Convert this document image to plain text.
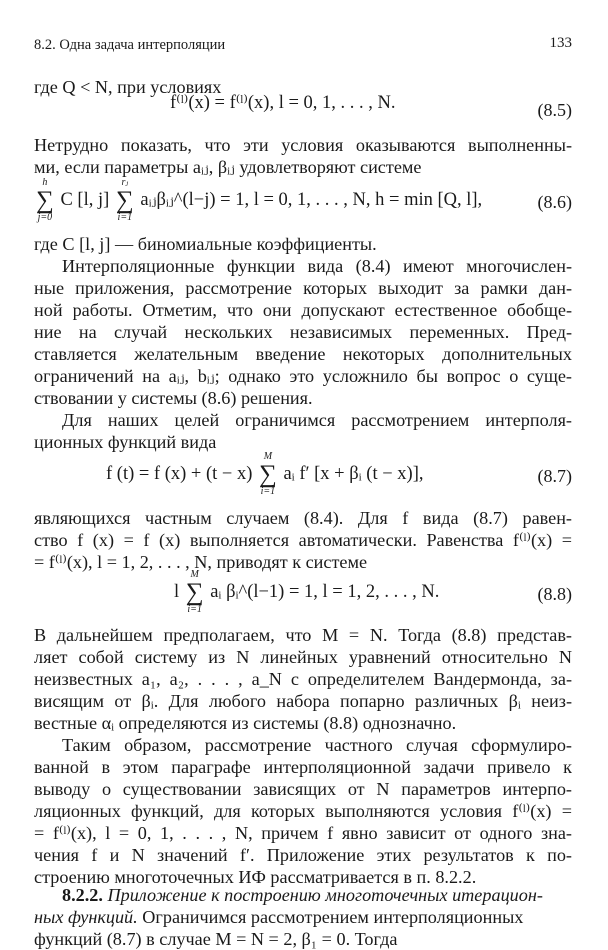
8.2. Одна задача интерполяции	133
где Q < N, при условиях
f⁽ˡ⁾(x) = f⁽ˡ⁾(x), l = 0, 1, . . . , N.	(8.5)
Нетрудно показать, что эти условия оказываются выполненны-
ми, если параметры aᵢⱼ, βᵢⱼ удовлетворяют системе
h
∑
j=0
C [l, j]
rⱼ
∑
i=1
aᵢⱼβᵢⱼ^(l−j) = 1, l = 0, 1, . . . , N, h = min [Q, l],	(8.6)
где C [l, j] — биномиальные коэффициенты.
Интерполяционные функции вида (8.4) имеют многочислен-
ные приложения, рассмотрение которых выходит за рамки дан-
ной работы. Отметим, что они допускают естественное обобще-
ние на случай нескольких независимых переменных. Пред-
ставляется желательным введение некоторых дополнительных
ограничений на aᵢⱼ, bᵢⱼ; однако это усложнило бы вопрос о суще-
ствовании у системы (8.6) решения.
Для наших целей ограничимся рассмотрением интерполя-
ционных функций вида
f (t) = f (x) + (t − x)
M
∑
i=1
aᵢ f′ [x + βᵢ (t − x)],	(8.7)
являющихся частным случаем (8.4). Для f вида (8.7) равен-
ство f (x) = f (x) выполняется автоматически. Равенства f⁽ˡ⁾(x) =
= f⁽ˡ⁾(x), l = 1, 2, . . . , N, приводят к системе
l
M
∑
i=1
aᵢ βᵢ^(l−1) = 1, l = 1, 2, . . . , N.	(8.8)
В дальнейшем предполагаем, что M = N. Тогда (8.8) представ-
ляет собой систему из N линейных уравнений относительно N
неизвестных a₁, a₂, . . . , a_N с определителем Вандермонда, за-
висящим от βᵢ. Для любого набора попарно различных βᵢ неиз-
вестные αᵢ определяются из системы (8.8) однозначно.
Таким образом, рассмотрение частного случая сформулиро-
ванной в этом параграфе интерполяционной задачи привело к
выводу о существовании зависящих от N параметров интерпо-
ляционных функций, для которых выполняются условия f⁽ˡ⁾(x) =
= f⁽ˡ⁾(x), l = 0, 1, . . . , N, причем f явно зависит от одного зна-
чения f и N значений f′. Приложение этих результатов к по-
строению многоточечных ИФ рассматривается в п. 8.2.2.
8.2.2. Приложение к построению многоточечных итерацион-
ных функций. Ограничимся рассмотрением интерполяционных
функций (8.7) в случае M = N = 2, β₁ = 0. Тогда
